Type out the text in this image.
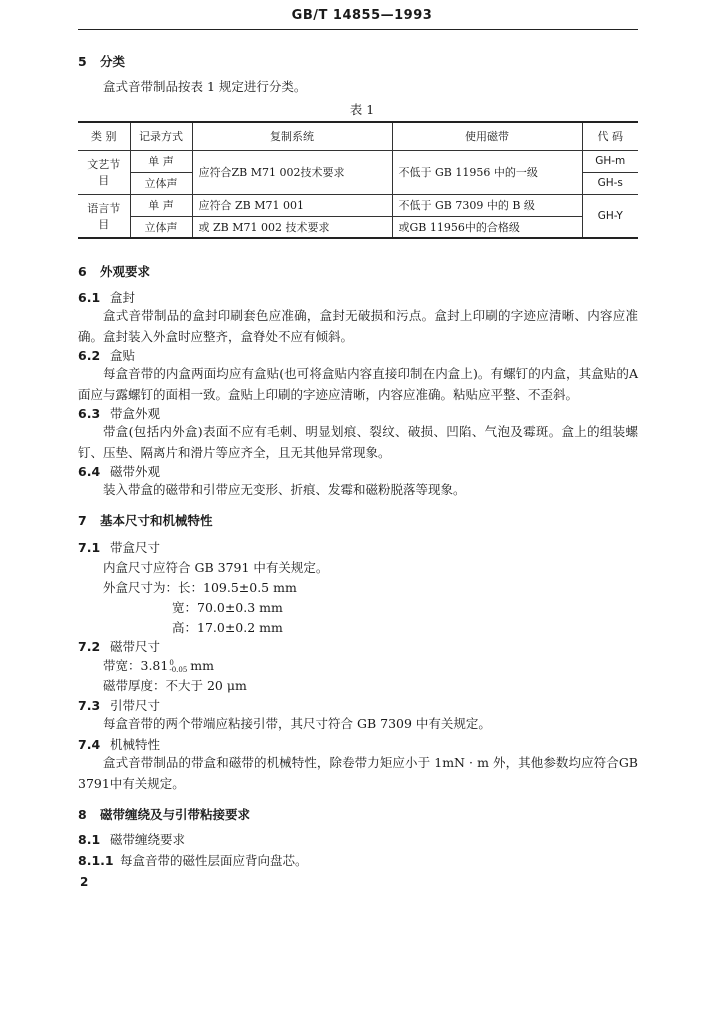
GB/T 14855—1993
5 分类
盒式音带制品按表 1 规定进行分类。
表 1
类 别	记录方式	复制系统	使用磁带	代 码
文艺节目	单 声	应符合ZB M71 002技术要求	不低于 GB 11956 中的一级	GH-m
	立体声			GH-s
语言节目	单 声	应符合 ZB M71 001	不低于 GB 7309 中的 B 级	GH-Y
	立体声	或 ZB M71 002 技术要求	或GB 11956中的合格级	
6 外观要求
6.1 盒封
盒式音带制品的盒封印刷套色应准确，盒封无破损和污点。盒封上印刷的字迹应清晰、内容应准确。盒封装入外盒时应整齐，盒脊处不应有倾斜。
6.2 盒贴
每盒音带的内盒两面均应有盒贴(也可将盒贴内容直接印制在内盒上)。有螺钉的内盒，其盒贴的A面应与露螺钉的面相一致。盒贴上印刷的字迹应清晰，内容应准确。粘贴应平整、不歪斜。
6.3 带盒外观
带盒(包括内外盒)表面不应有毛刺、明显划痕、裂纹、破损、凹陷、气泡及霉斑。盒上的组装螺钉、压垫、隔离片和滑片等应齐全，且无其他异常现象。
6.4 磁带外观
装入带盒的磁带和引带应无变形、折痕、发霉和磁粉脱落等现象。
7 基本尺寸和机械特性
7.1 带盒尺寸
内盒尺寸应符合 GB 3791 中有关规定。
外盒尺寸为：长：109.5±0.5 mm
宽：70.0±0.3 mm
高：17.0±0.2 mm
7.2 磁带尺寸
带宽：3.81 0
-0.05 mm
磁带厚度：不大于 20 μm
7.3 引带尺寸
每盒音带的两个带端应粘接引带，其尺寸符合 GB 7309 中有关规定。
7.4 机械特性
盒式音带制品的带盒和磁带的机械特性，除卷带力矩应小于 1mN · m 外，其他参数均应符合GB 3791中有关规定。
8 磁带缠绕及与引带粘接要求
8.1 磁带缠绕要求
8.1.1 每盒音带的磁性层面应背向盘芯。
2
